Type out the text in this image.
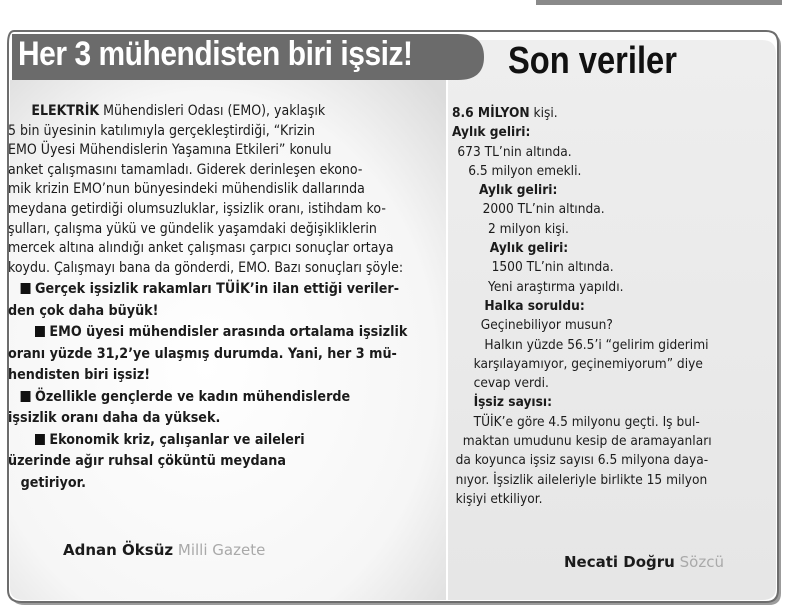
Her 3 mühendisten biri işsiz!	Son veriler
ELEKTRİK Mühendisleri Odası (EMO), yaklaşık
5 bin üyesinin katılımıyla gerçekleştirdiği, “Krizin
EMO Üyesi Mühendislerin Yaşamına Etkileri” konulu
anket çalışmasını tamamladı. Giderek derinleşen ekono-
mik krizin EMO’nun bünyesindeki mühendislik dallarında
meydana getirdiği olumsuzluklar, işsizlik oranı, istihdam ko-
şulları, çalışma yükü ve gündelik yaşamdaki değişikliklerin
mercek altına alındığı anket çalışması çarpıcı sonuçlar ortaya
koydu. Çalışmayı bana da gönderdi, EMO. Bazı sonuçları şöyle:
Gerçek işsizlik rakamları TÜİK’in ilan ettiği veriler-
den çok daha büyük!
EMO üyesi mühendisler arasında ortalama işsizlik
oranı yüzde 31,2’ye ulaşmış durumda. Yani, her 3 mü-
hendisten biri işsiz!
Özellikle gençlerde ve kadın mühendislerde
işsizlik oranı daha da yüksek.
Ekonomik kriz, çalışanlar ve aileleri
üzerinde ağır ruhsal çöküntü meydana
getiriyor.
Adnan Öksüz Milli Gazete
8.6 MİLYON kişi.
Aylık geliri:
673 TL’nin altında.
6.5 milyon emekli.
Aylık geliri:
2000 TL’nin altında.
2 milyon kişi.
Aylık geliri:
1500 TL’nin altında.
Yeni araştırma yapıldı.
Halka soruldu:
Geçinebiliyor musun?
Halkın yüzde 56.5’i “gelirim giderimi
karşılayamıyor, geçinemiyorum” diye
cevap verdi.
İşsiz sayısı:
TÜİK’e göre 4.5 milyonu geçti. Iş bul-
maktan umudunu kesip de aramayanları
da koyunca işsiz sayısı 6.5 milyona daya-
nıyor. İşsizlik aileleriyle birlikte 15 milyon
kişiyi etkiliyor.
Necati Doğru Sözcü
